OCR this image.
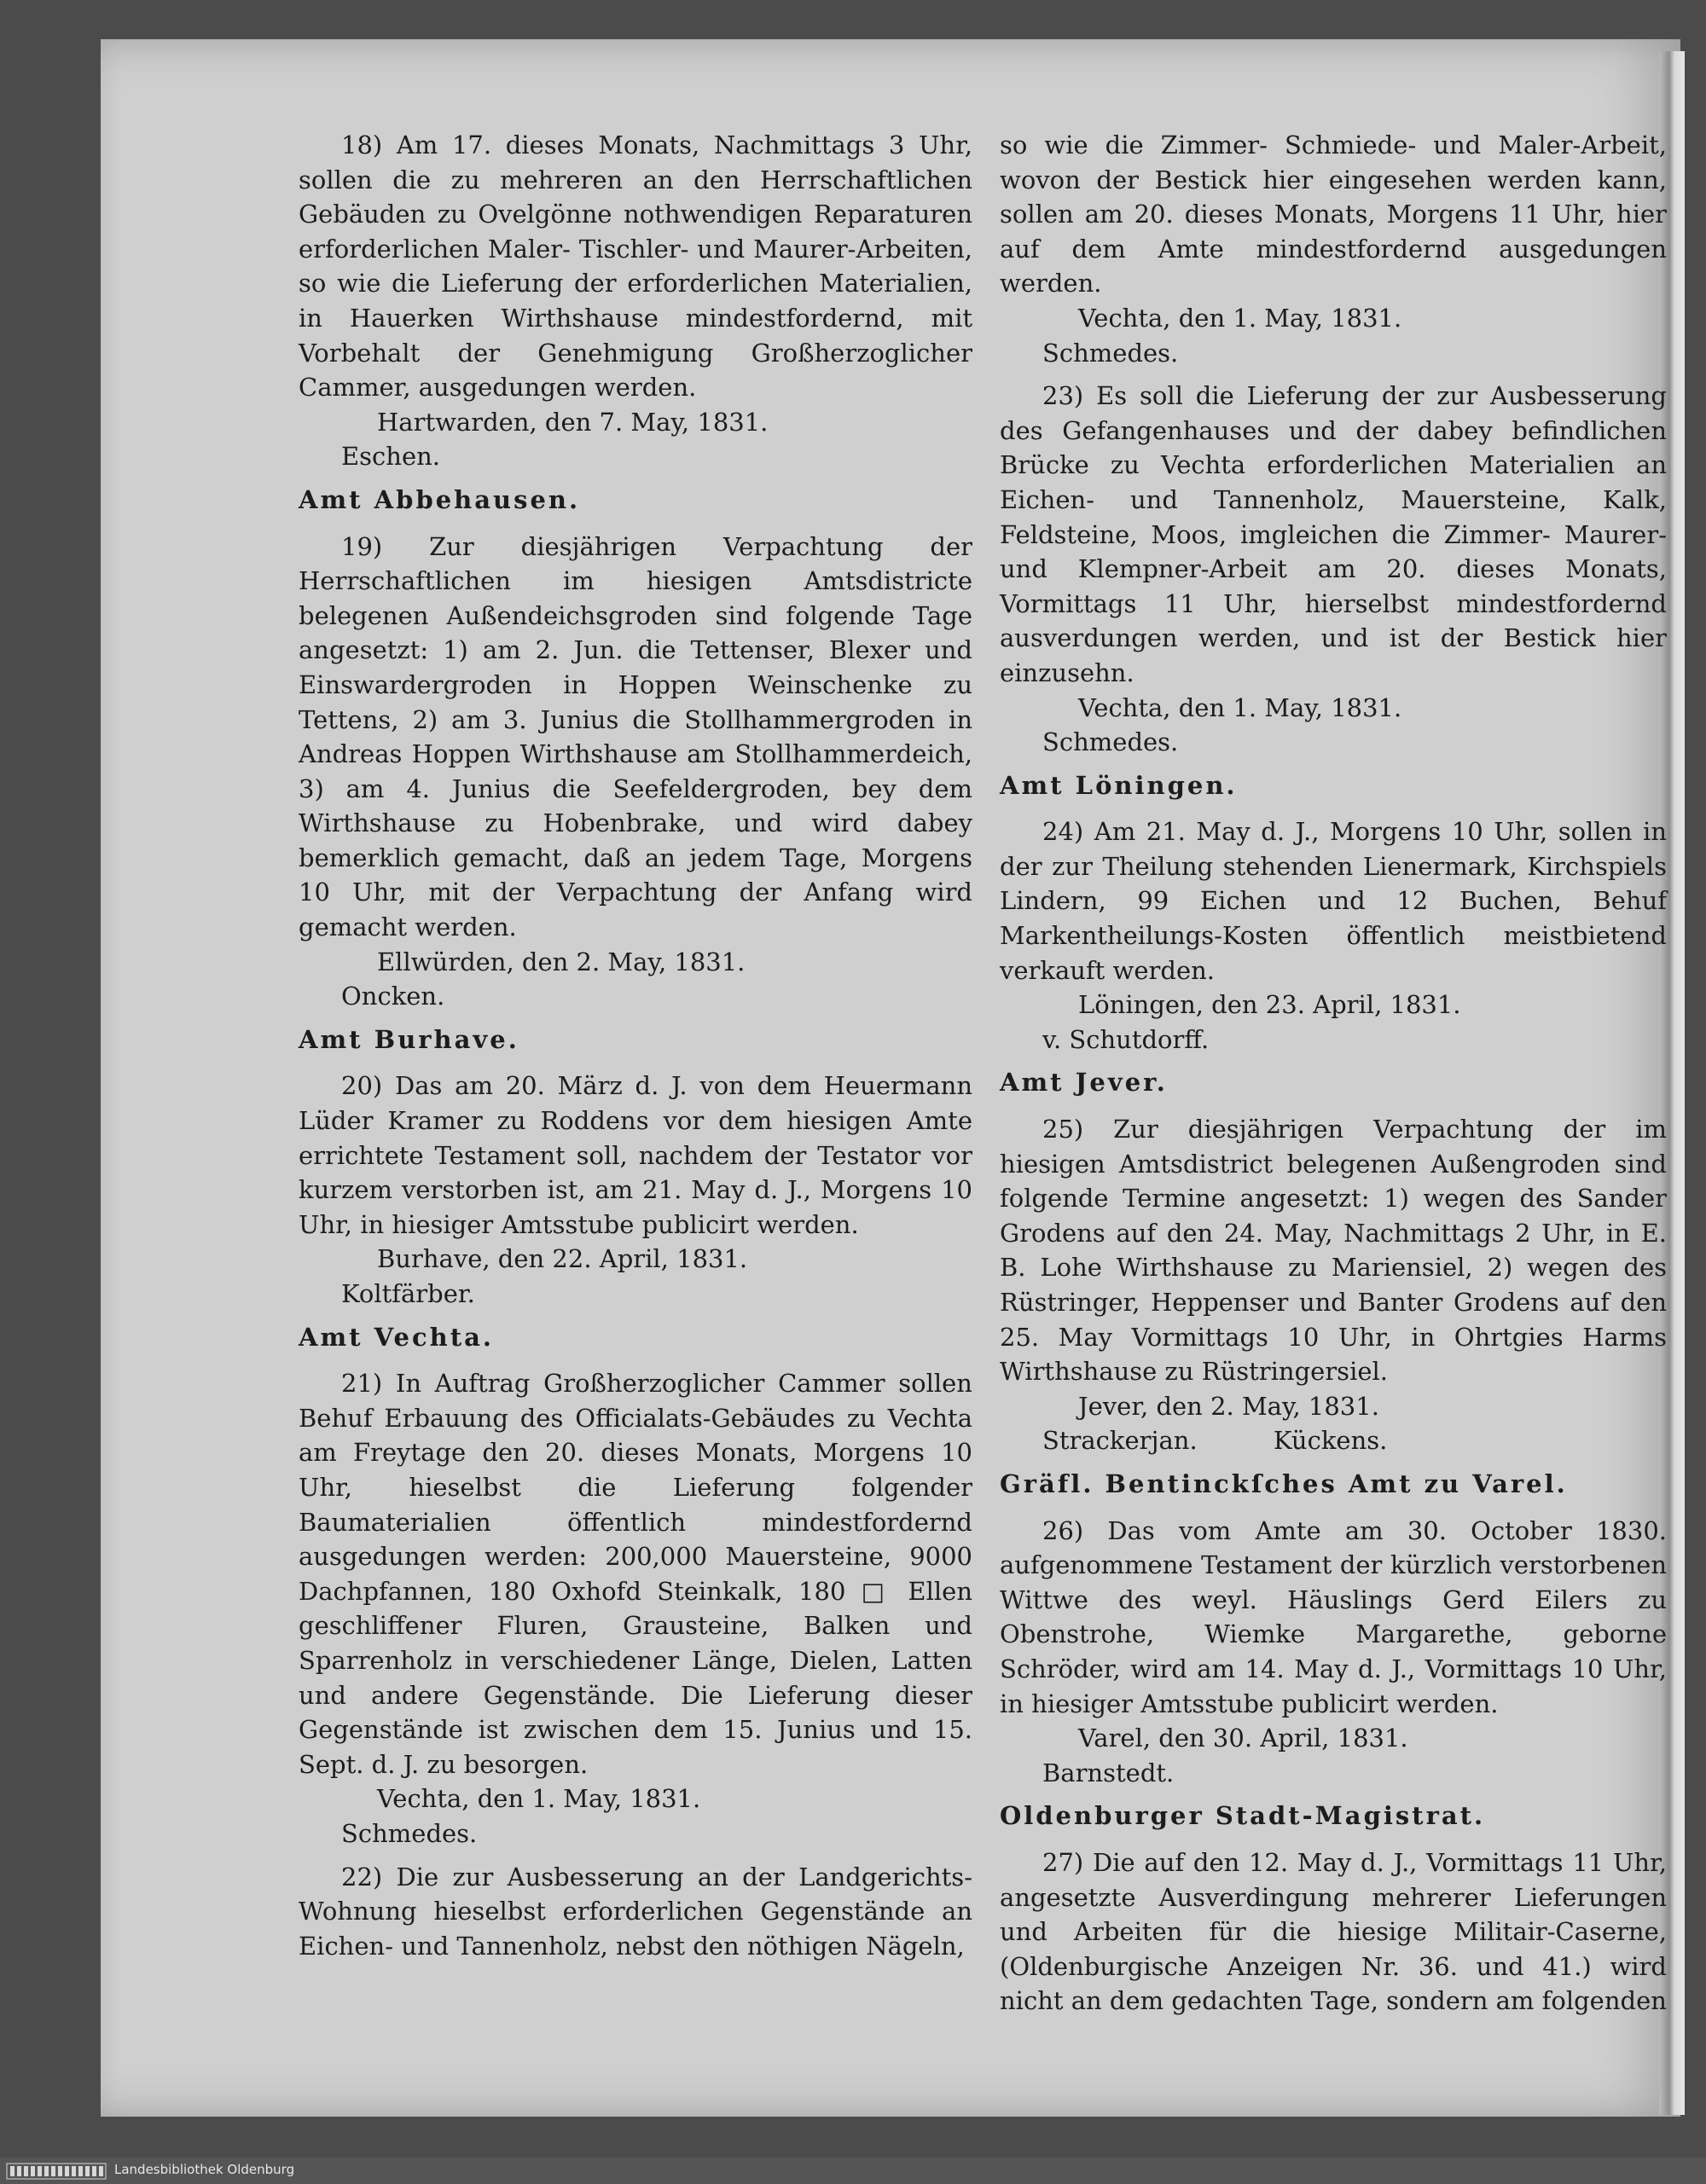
18) Am 17. dieses Monats, Nachmittags 3 Uhr, sollen die zu mehreren an den Herrschaftlichen Gebäuden zu Ovelgönne nothwendigen Reparaturen erforderlichen Maler- Tischler- und Maurer-Arbeiten, so wie die Lieferung der erforderlichen Materialien, in Hauerken Wirthshause mindestfordernd, mit Vorbehalt der Genehmigung Großherzoglicher Cammer, ausgedungen werden.

Hartwarden, den 7. May, 1831.

Eschen.

Amt Abbehausen.

19) Zur diesjährigen Verpachtung der Herrschaftlichen im hiesigen Amtsdistricte belegenen Außendeichsgroden sind folgende Tage angesetzt: 1) am 2. Jun. die Tettenser, Blexer und Einswardergroden in Hoppen Weinschenke zu Tettens, 2) am 3. Junius die Stollhammergroden in Andreas Hoppen Wirthshause am Stollhammerdeich, 3) am 4. Junius die Seefeldergroden, bey dem Wirthshause zu Hobenbrake, und wird dabey bemerklich gemacht, daß an jedem Tage, Morgens 10 Uhr, mit der Verpachtung der Anfang wird gemacht werden.

Ellwürden, den 2. May, 1831.

Oncken.

Amt Burhave.

20) Das am 20. März d. J. von dem Heuermann Lüder Kramer zu Roddens vor dem hiesigen Amte errichtete Testament soll, nachdem der Testator vor kurzem verstorben ist, am 21. May d. J., Morgens 10 Uhr, in hiesiger Amtsstube publicirt werden.

Burhave, den 22. April, 1831.

Koltfärber.

Amt Vechta.

21) In Auftrag Großherzoglicher Cammer sollen Behuf Erbauung des Officialats-Gebäudes zu Vechta am Freytage den 20. dieses Monats, Morgens 10 Uhr, hieselbst die Lieferung folgender Baumaterialien öffentlich mindestfordernd ausgedungen werden: 200,000 Mauersteine, 9000 Dachpfannen, 180 Oxhofd Steinkalk, 180 □ Ellen geschliffener Fluren, Grausteine, Balken und Sparrenholz in verschiedener Länge, Dielen, Latten und andere Gegenstände. Die Lieferung dieser Gegenstände ist zwischen dem 15. Junius und 15. Sept. d. J. zu besorgen.

Vechta, den 1. May, 1831.

Schmedes.

22) Die zur Ausbesserung an der Landgerichts-Wohnung hieselbst erforderlichen Gegenstände an Eichen- und Tannenholz, nebst den nöthigen Nägeln,

so wie die Zimmer- Schmiede- und Maler-Arbeit, wovon der Bestick hier eingesehen werden kann, sollen am 20. dieses Monats, Morgens 11 Uhr, hier auf dem Amte mindestfordernd ausgedungen werden.

Vechta, den 1. May, 1831.

Schmedes.

23) Es soll die Lieferung der zur Ausbesserung des Gefangenhauses und der dabey befindlichen Brücke zu Vechta erforderlichen Materialien an Eichen- und Tannenholz, Mauersteine, Kalk, Feldsteine, Moos, imgleichen die Zimmer- Maurer- und Klempner-Arbeit am 20. dieses Monats, Vormittags 11 Uhr, hierselbst mindestfordernd ausverdungen werden, und ist der Bestick hier einzusehn.

Vechta, den 1. May, 1831.

Schmedes.

Amt Löningen.

24) Am 21. May d. J., Morgens 10 Uhr, sollen in der zur Theilung stehenden Lienermark, Kirchspiels Lindern, 99 Eichen und 12 Buchen, Behuf Markentheilungs-Kosten öffentlich meistbietend verkauft werden.

Löningen, den 23. April, 1831.

v. Schutdorff.

Amt Jever.

25) Zur diesjährigen Verpachtung der im hiesigen Amtsdistrict belegenen Außengroden sind folgende Termine angesetzt: 1) wegen des Sander Grodens auf den 24. May, Nachmittags 2 Uhr, in E. B. Lohe Wirthshause zu Mariensiel, 2) wegen des Rüstringer, Heppenser und Banter Grodens auf den 25. May Vormittags 10 Uhr, in Ohrtgies Harms Wirthshause zu Rüstringersiel.

Jever, den 2. May, 1831.

Strackerjan. Kückens.

Gräfl. Bentinckſches Amt zu Varel.

26) Das vom Amte am 30. October 1830. aufgenommene Testament der kürzlich verstorbenen Wittwe des weyl. Häuslings Gerd Eilers zu Obenstrohe, Wiemke Margarethe, geborne Schröder, wird am 14. May d. J., Vormittags 10 Uhr, in hiesiger Amtsstube publicirt werden.

Varel, den 30. April, 1831.

Barnstedt.

Oldenburger Stadt-Magistrat.

27) Die auf den 12. May d. J., Vormittags 11 Uhr, angesetzte Ausverdingung mehrerer Lieferungen und Arbeiten für die hiesige Militair-Caserne, (Oldenburgische Anzeigen Nr. 36. und 41.) wird nicht an dem gedachten Tage, sondern am folgenden

Landesbibliothek Oldenburg
